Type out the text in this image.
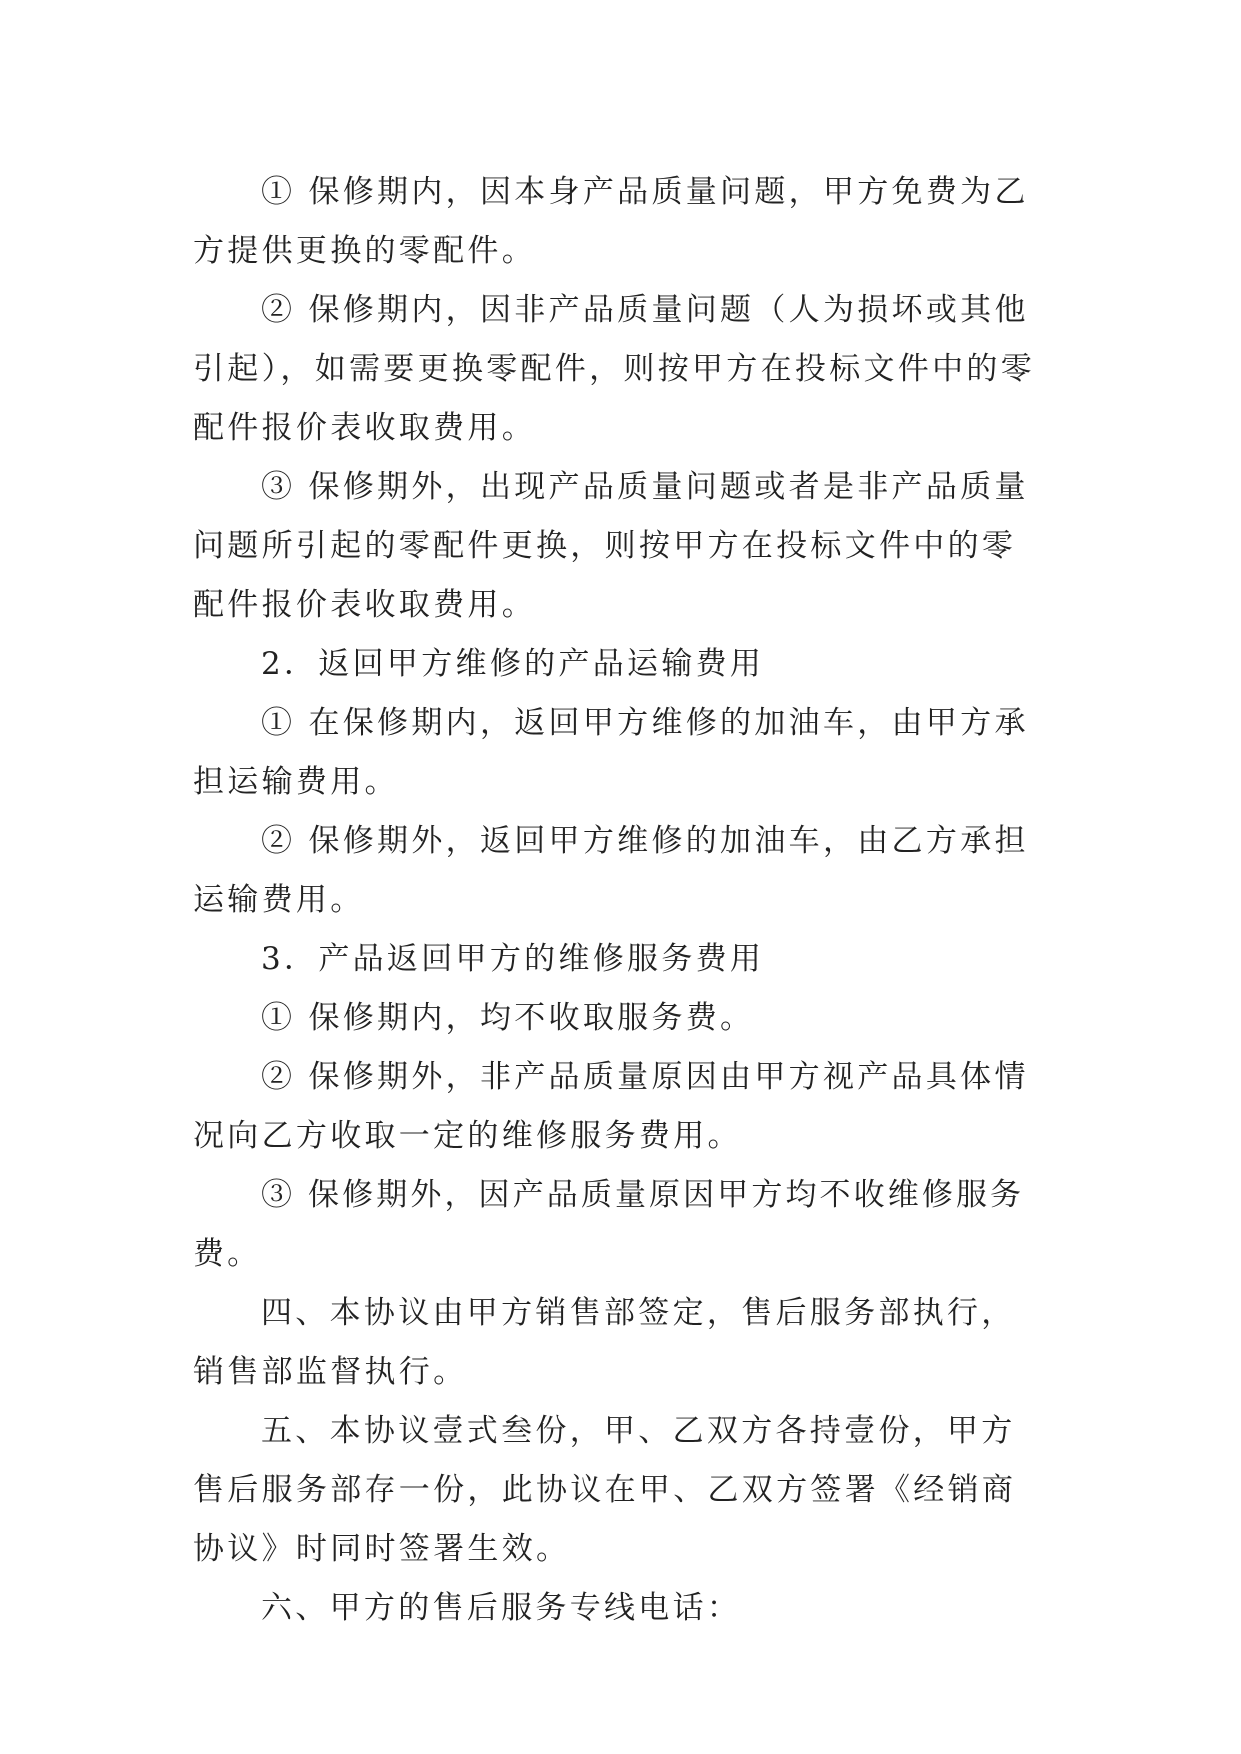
① 保修期内，因本身产品质量问题，甲方免费为乙方提供更换的零配件。

② 保修期内，因非产品质量问题（人为损坏或其他引起），如需要更换零配件，则按甲方在投标文件中的零配件报价表收取费用。

③ 保修期外，出现产品质量问题或者是非产品质量问题所引起的零配件更换，则按甲方在投标文件中的零配件报价表收取费用。

2．返回甲方维修的产品运输费用

① 在保修期内，返回甲方维修的加油车，由甲方承担运输费用。

② 保修期外，返回甲方维修的加油车，由乙方承担运输费用。

3．产品返回甲方的维修服务费用

① 保修期内，均不收取服务费。

② 保修期外，非产品质量原因由甲方视产品具体情况向乙方收取一定的维修服务费用。

③ 保修期外，因产品质量原因甲方均不收维修服务费。

四、本协议由甲方销售部签定，售后服务部执行，销售部监督执行。

五、本协议壹式叁份，甲、乙双方各持壹份，甲方售后服务部存一份，此协议在甲、乙双方签署《经销商协议》时同时签署生效。

六、甲方的售后服务专线电话：
